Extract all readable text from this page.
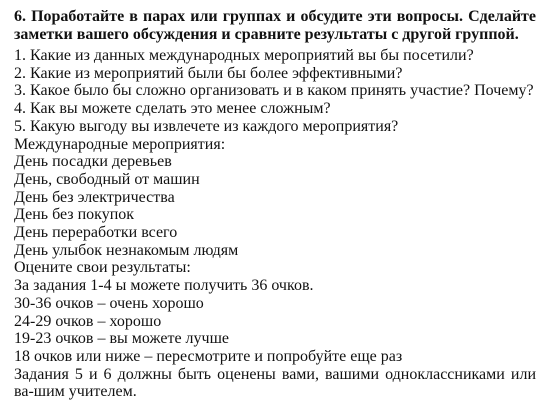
6. Поработайте в парах или группах и обсудите эти вопросы. Сделайте заметки вашего обсуждения и сравните результаты с другой группой.

1. Какие из данных международных мероприятий вы бы посетили?

2. Какие из мероприятий были бы более эффективными?

3. Какое было бы сложно организовать и в каком принять участие? Почему?

4. Как вы можете сделать это менее сложным?

5. Какую выгоду вы извлечете из каждого мероприятия?

Международные мероприятия:

День посадки деревьев

День, свободный от машин

День без электричества

День без покупок

День переработки всего

День улыбок незнакомым людям

Оцените свои результаты:

За задания 1-4 ы можете получить 36 очков.

30-36 очков – очень хорошо

24-29 очков – хорошо

19-23 очков – вы можете лучше

18 очков или ниже – пересмотрите и попробуйте еще раз

Задания 5 и 6 должны быть оценены вами, вашими одноклассниками или ва-шим учителем.
